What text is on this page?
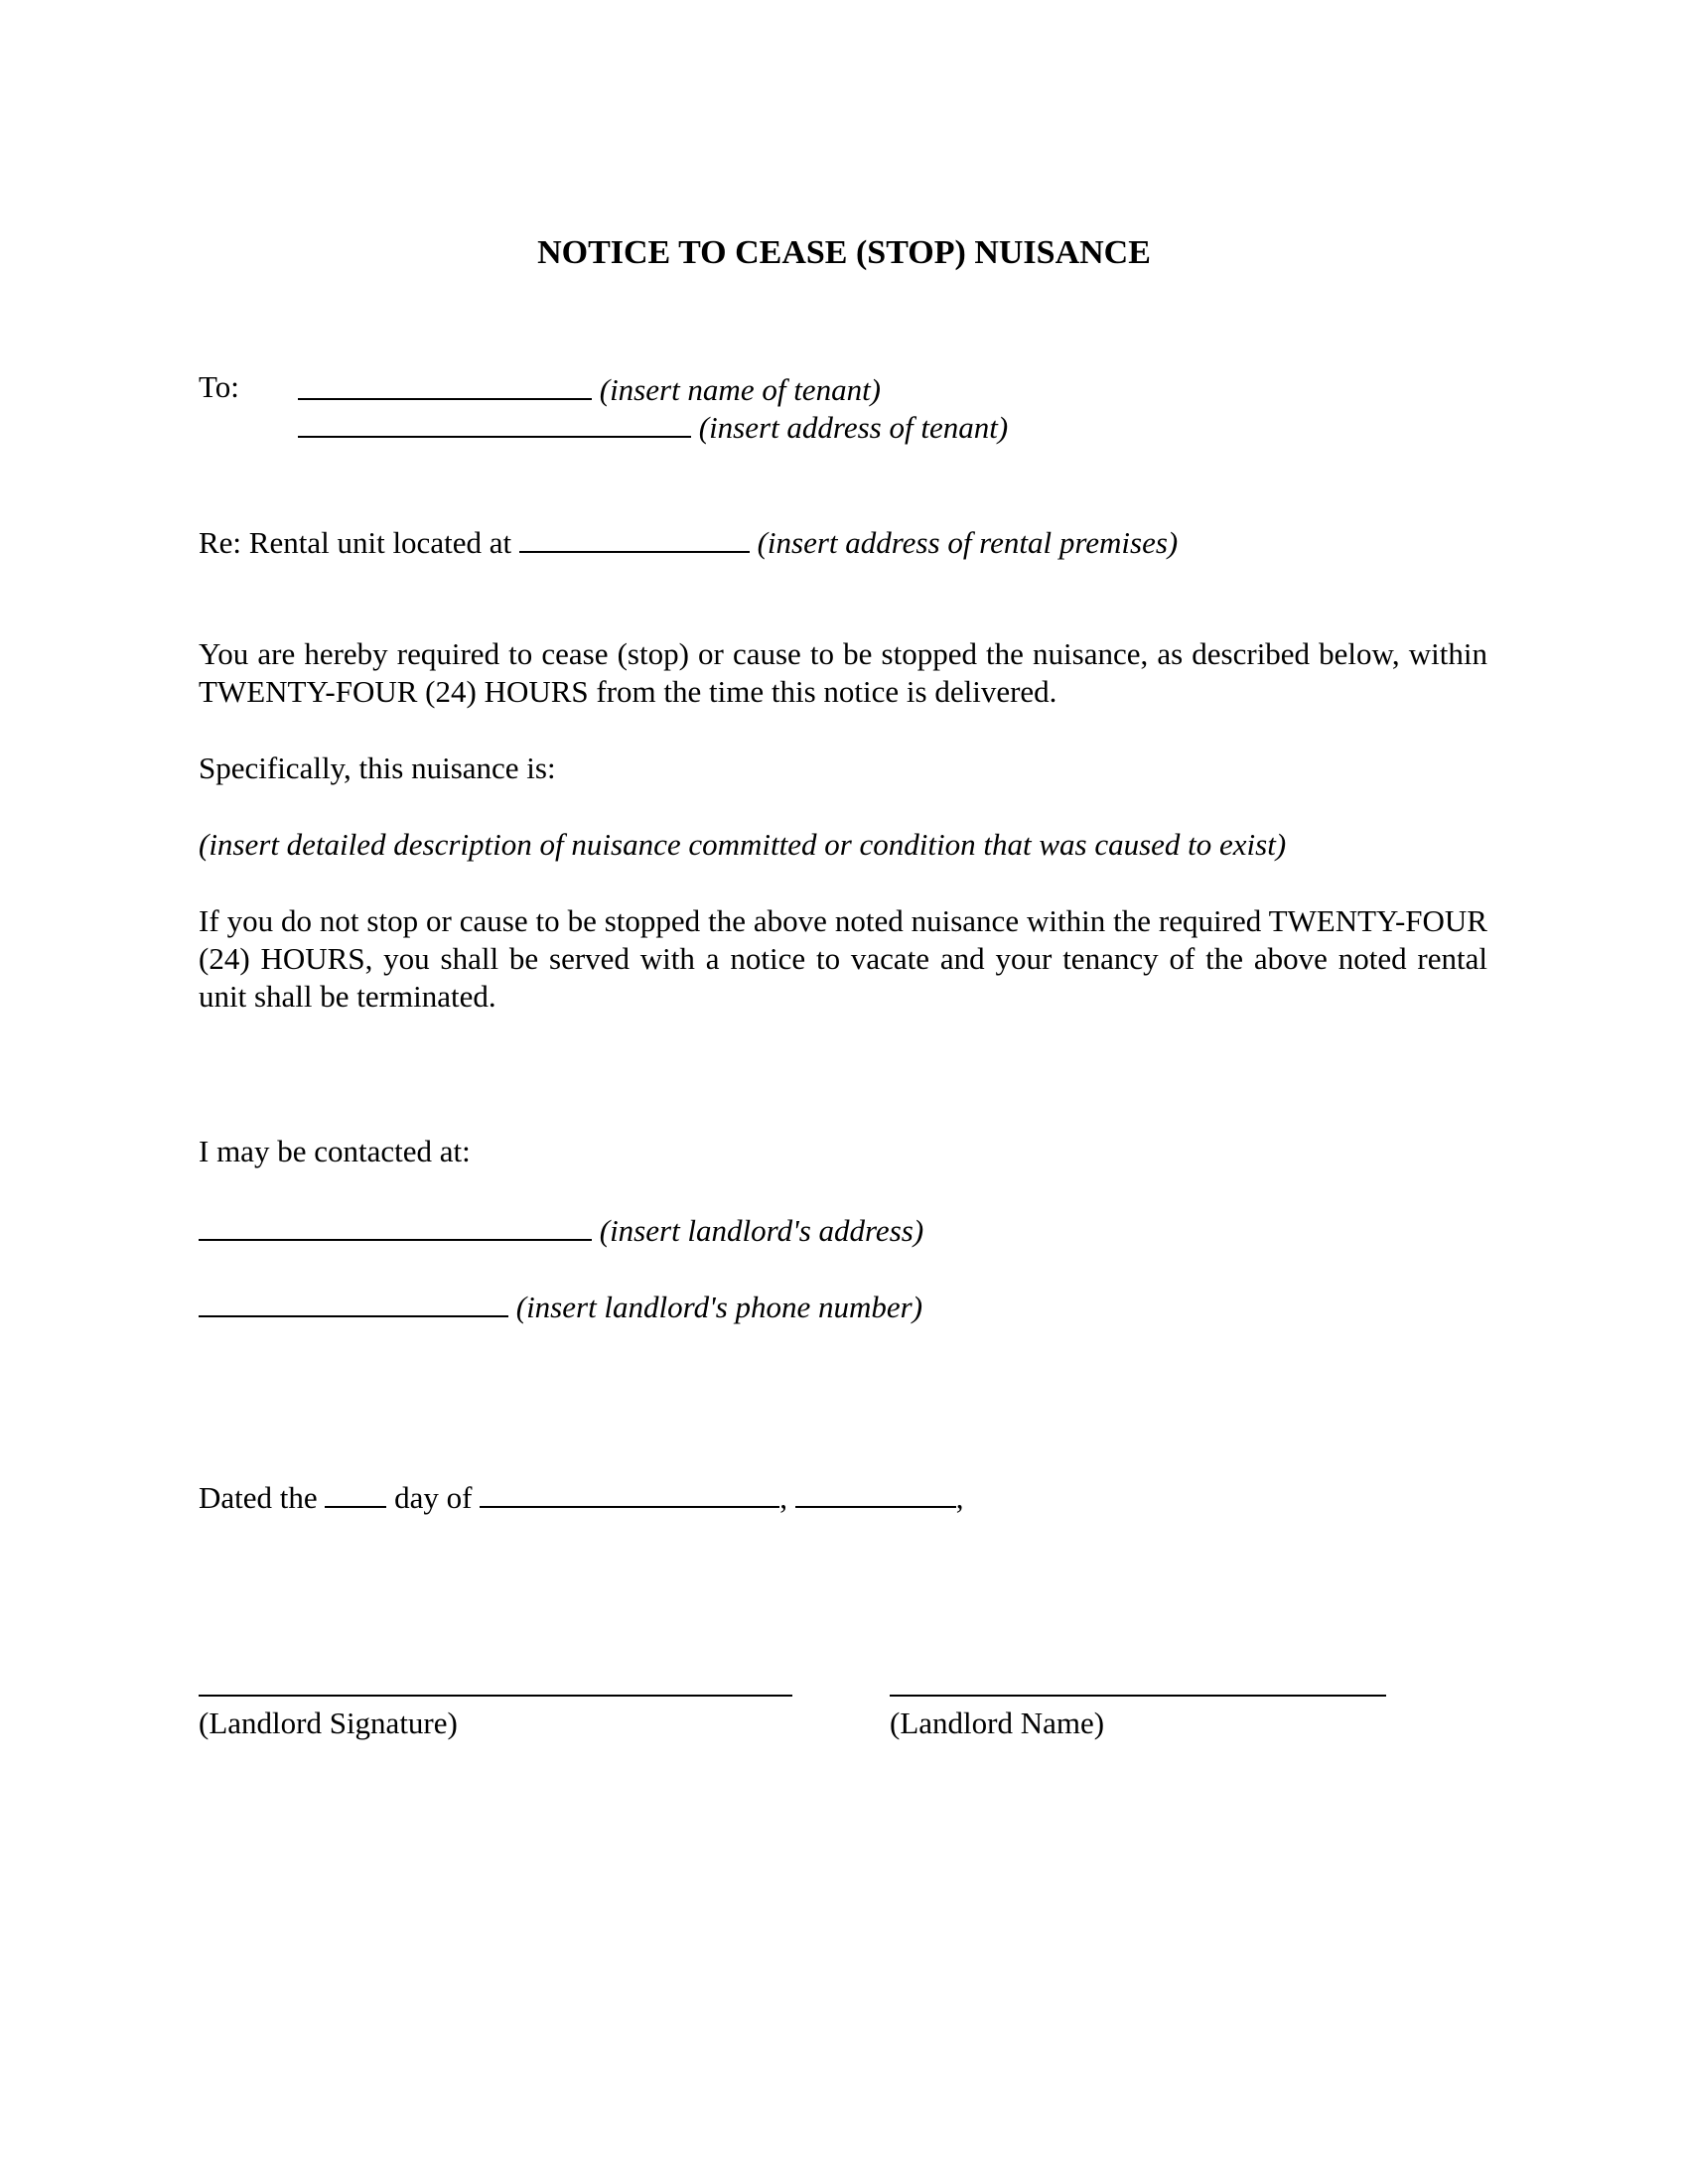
NOTICE TO CEASE (STOP) NUISANCE
To:	(insert name of tenant)
(insert address of tenant)
Re: Rental unit located at	(insert address of rental premises)
You are hereby required to cease (stop) or cause to be stopped the nuisance, as described below, within TWENTY-FOUR (24) HOURS from the time this notice is delivered.
Specifically, this nuisance is:
(insert detailed description of nuisance committed or condition that was caused to exist)
If you do not stop or cause to be stopped the above noted nuisance within the required TWENTY-FOUR (24) HOURS, you shall be served with a notice to vacate and your tenancy of the above noted rental unit shall be terminated.
I may be contacted at:
(insert landlord's address)
(insert landlord's phone number)
Dated the	day of	,	,
(Landlord Signature)	(Landlord Name)
